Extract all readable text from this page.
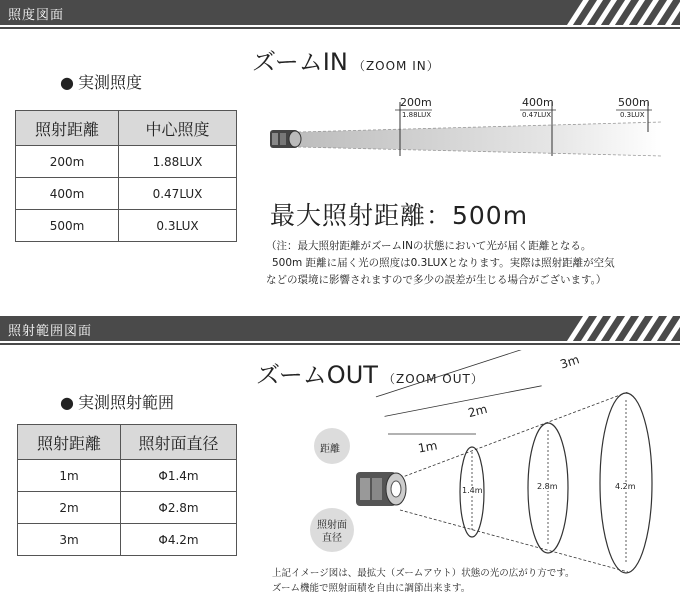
照度図面
ズームIN （ZOOM IN）
● 実測照度
照射距離	中心照度
200m	1.88LUX
400m	0.47LUX
500m	0.3LUX
200m
1.88LUX
400m
0.47LUX
500m
0.3LUX
最大照射距離：500m
（注：最大照射距離がズームINの状態において光が届く距離となる。
500m 距離に届く光の照度は0.3LUXとなります。実際は照射距離が空気
などの環境に影響されますので多少の誤差が生じる場合がございます。）
照射範囲図面
ズームOUT （ZOOM OUT）
● 実測照射範囲
照射距離	照射面直径
1m	Φ1.4m
2m	Φ2.8m
3m	Φ4.2m
1m
2m
3m
1.4m	2.8m	4.2m
距離
照射面直径
上記イメージ図は、最拡大（ズームアウト）状態の光の広がり方です。
ズーム機能で照射面積を自由に調節出来ます。
